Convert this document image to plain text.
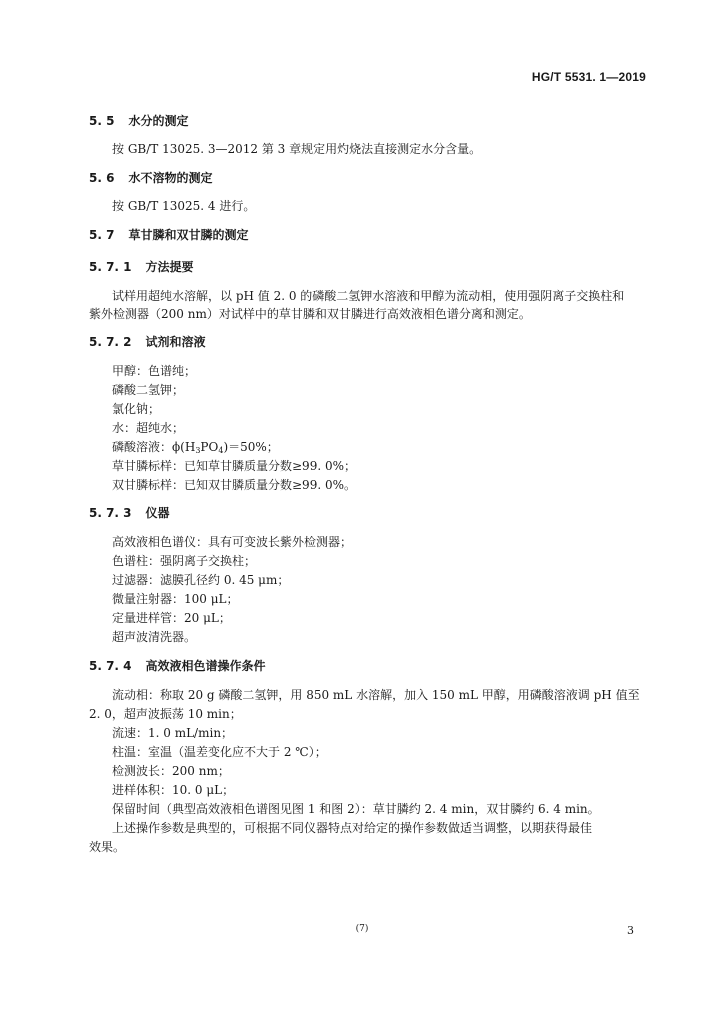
HG/T 5531. 1—2019
5. 5 水分的测定
按 GB/T 13025. 3—2012 第 3 章规定用灼烧法直接测定水分含量。
5. 6 水不溶物的测定
按 GB/T 13025. 4 进行。
5. 7 草甘膦和双甘膦的测定
5. 7. 1 方法提要
试样用超纯水溶解，以 pH 值 2. 0 的磷酸二氢钾水溶液和甲醇为流动相，使用强阴离子交换柱和
紫外检测器（200 nm）对试样中的草甘膦和双甘膦进行高效液相色谱分离和测定。
5. 7. 2 试剂和溶液
甲醇：色谱纯；
磷酸二氢钾；
氯化钠；
水：超纯水；
磷酸溶液：$\phi(H_3PO_4)=50\%$；
草甘膦标样：已知草甘膦质量分数≥99. 0%；
双甘膦标样：已知双甘膦质量分数≥99. 0%。
5. 7. 3 仪器
高效液相色谱仪：具有可变波长紫外检测器；
色谱柱：强阴离子交换柱；
过滤器：滤膜孔径约 0. 45 μm；
微量注射器：100 μL；
定量进样管：20 μL；
超声波清洗器。
5. 7. 4 高效液相色谱操作条件
流动相：称取 20 g 磷酸二氢钾，用 850 mL 水溶解，加入 150 mL 甲醇，用磷酸溶液调 pH 值至
2. 0，超声波振荡 10 min；
流速：1. 0 mL/min；
柱温：室温（温差变化应不大于 2 ℃）；
检测波长：200 nm；
进样体积：10. 0 μL；
保留时间（典型高效液相色谱图见图 1 和图 2）：草甘膦约 2. 4 min，双甘膦约 6. 4 min。
上述操作参数是典型的，可根据不同仪器特点对给定的操作参数做适当调整，以期获得最佳
效果。
(7)	3
